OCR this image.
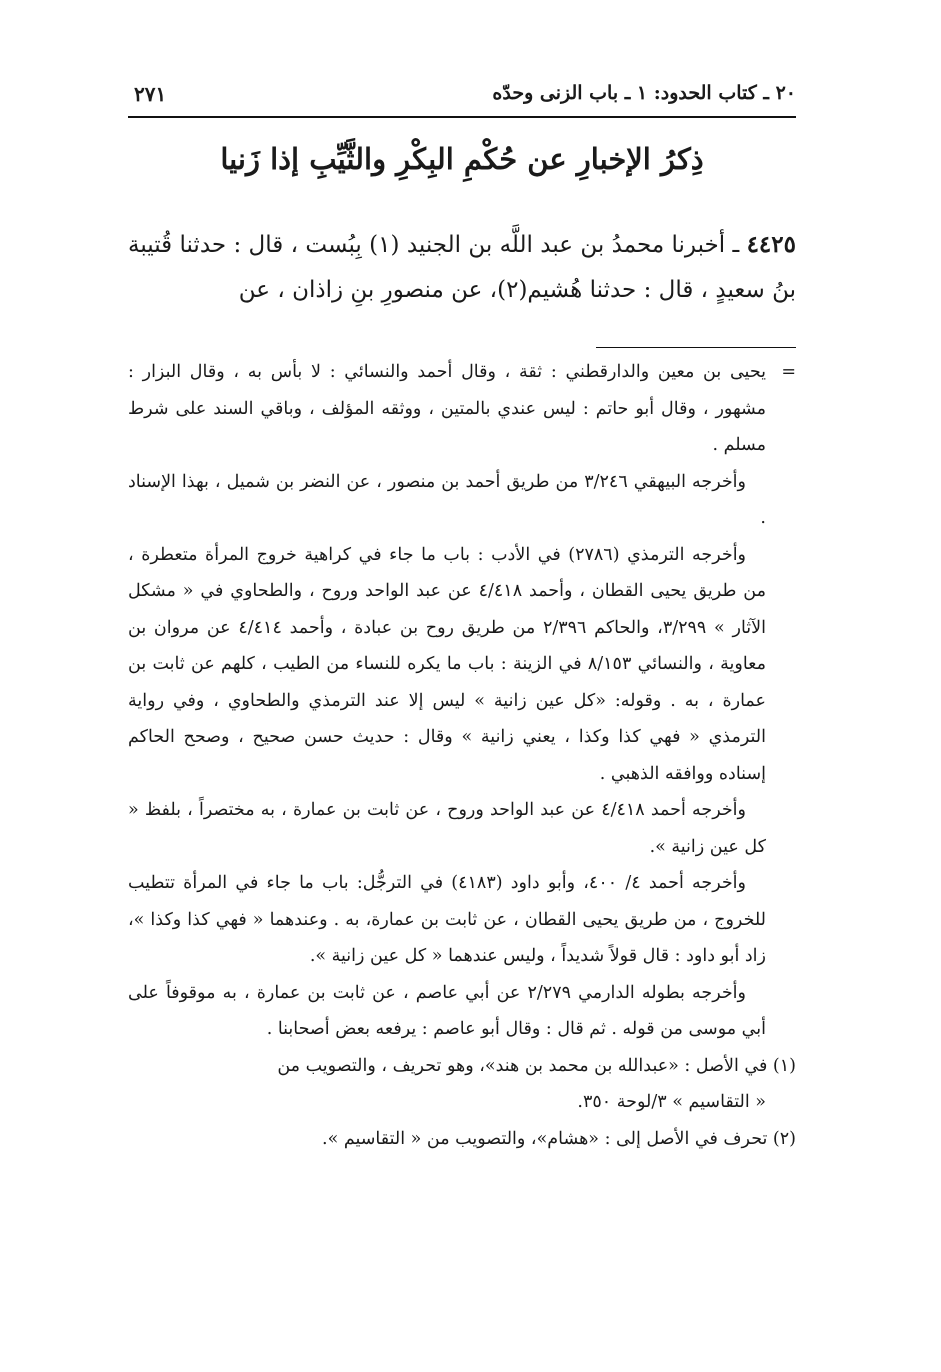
٢٠ ـ كتاب الحدود: ١ ـ باب الزنى وحدّه
٢٧١
ذِكرُ الإخبارِ عن حُكْمِ البِكْرِ والثَّيِّبِ إذا زَنيا
٤٤٢٥ ـ أخبرنا محمدُ بن عبد اللَّه بن الجنيد (١) بِبُست ، قال : حدثنا قُتيبة بنُ سعيدٍ ، قال : حدثنا هُشيم(٢)، عن منصورِ بنِ زاذان ، عن

=يحيى بن معين والدارقطني : ثقة ، وقال أحمد والنسائي : لا بأس به ، وقال البزار : مشهور ، وقال أبو حاتم : ليس عندي بالمتين ، ووثقه المؤلف ، وباقي السند على شرط مسلم .

وأخرجه البيهقي ٣/٢٤٦ من طريق أحمد بن منصور ، عن النضر بن شميل ، بهذا الإسناد .

وأخرجه الترمذي (٢٧٨٦) في الأدب : باب ما جاء في كراهية خروج المرأة متعطرة ، من طريق يحيى القطان ، وأحمد ٤/٤١٨ عن عبد الواحد وروح ، والطحاوي في « مشكل الآثار » ٣/٢٩٩، والحاكم ٢/٣٩٦ من طريق روح بن عبادة ، وأحمد ٤/٤١٤ عن مروان بن معاوية ، والنسائي ٨/١٥٣ في الزينة : باب ما يكره للنساء من الطيب ، كلهم عن ثابت بن عمارة ، به . وقوله: «كل عين زانية » ليس إلا عند الترمذي والطحاوي ، وفي رواية الترمذي « فهي كذا وكذا ، يعني زانية » وقال : حديث حسن صحيح ، وصحح الحاكم إسناده ووافقه الذهبي .

وأخرجه أحمد ٤/٤١٨ عن عبد الواحد وروح ، عن ثابت بن عمارة ، به مختصراً ، بلفظ « كل عين زانية ».

وأخرجه أحمد ٤/ ٤٠٠، وأبو داود (٤١٨٣) في الترجُّل: باب ما جاء في المرأة تتطيب للخروج ، من طريق يحيى القطان ، عن ثابت بن عمارة، به . وعندهما « فهي كذا وكذا »، زاد أبو داود : قال قولاً شديداً ، وليس عندهما « كل عين زانية ».

وأخرجه بطوله الدارمي ٢/٢٧٩ عن أبي عاصم ، عن ثابت بن عمارة ، به موقوفاً على أبي موسى من قوله . ثم قال : وقال أبو عاصم : يرفعه بعض أصحابنا .

(١) في الأصل : «عبدالله بن محمد بن هند»، وهو تحريف ، والتصويب من
« التقاسيم » ٣/لوحة ٣٥٠.

(٢) تحرف في الأصل إلى : «هشام»، والتصويب من « التقاسيم ».
